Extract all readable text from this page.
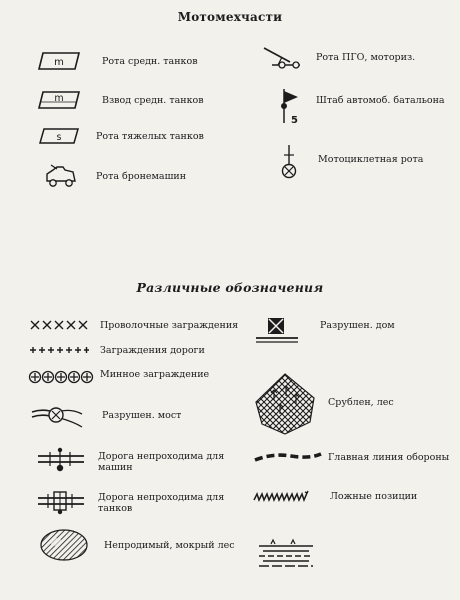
Мотомехчасти
m	Рота средн. танков
m	Взвод средн. танков
s	Рота тяжелых танков
Рота бронемашин
Рота ПГО, моториз.
5
Штаб автомоб. батальона
Мотоциклетная рота
Различные обозначения
Проволочные заграждения
Заграждения дороги
Минное заграждение
Разрушен. мост
Дорога непроходима для
машин
Дорога непроходима для
танков
Непродимый, мокрый лес
Разрушен. дом
Срублен, лес
Главная линия обороны
Ложные позиции
